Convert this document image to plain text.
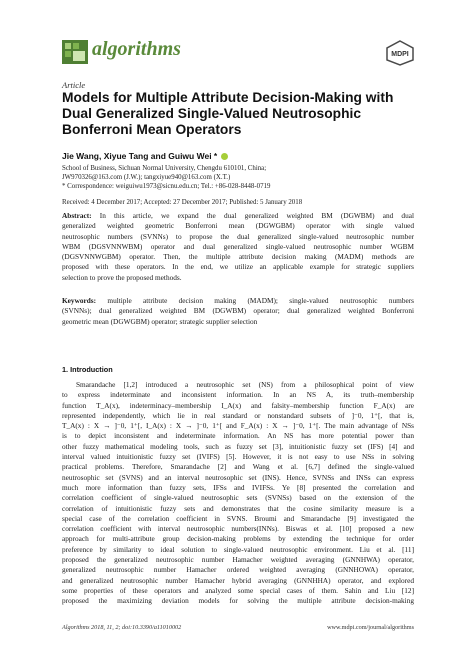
algorithms	MDPI
Article
Models for Multiple Attribute Decision-Making with Dual Generalized Single-Valued Neutrosophic Bonferroni Mean Operators
Jie Wang, Xiyue Tang and Guiwu Wei *
School of Business, Sichuan Normal University, Chengdu 610101, China;
JW970326@163.com (J.W.); tangxiyue940@163.com (X.T.)
* Correspondence: weiguiwu1973@sicnu.edu.cn; Tel.: +86-028-8448-0719
Received: 4 December 2017; Accepted: 27 December 2017; Published: 5 January 2018
Abstract: In this article, we expand the dual generalized weighted BM (DGWBM) and dual
generalized weighted geometric Bonferroni mean (DGWGBM) operator with single valued
neutrosophic numbers (SVNNs) to propose the dual generalized single-valued neutrosophic number
WBM (DGSVNNWBM) operator and dual generalized single-valued neutrosophic number WGBM
(DGSVNNWGBM) operator. Then, the multiple attribute decision making (MADM) methods are
proposed with these operators. In the end, we utilize an applicable example for strategic suppliers
selection to prove the proposed methods.
Keywords: multiple attribute decision making (MADM); single-valued neutrosophic numbers
(SVNNs); dual generalized weighted BM (DGWBM) operator; dual generalized weighted Bonferroni
geometric mean (DGWGBM) operator; strategic supplier selection
1. Introduction
Smarandache [1,2] introduced a neutrosophic set (NS) from a philosophical point of view
to express indeterminate and inconsistent information. In an NS A, its truth–membership
function T_A(x), indeterminacy–membership I_A(x) and falsity–membership function F_A(x) are
represented independently, which lie in real standard or nonstandard subsets of ]⁻0, 1⁺[, that is,
T_A(x) : X → ]⁻0, 1⁺[, I_A(x) : X → ]⁻0, 1⁺[ and F_A(x) : X → ]⁻0, 1⁺[. The main advantage of NSs
is to depict inconsistent and indeterminate information. An NS has more potential power than
other fuzzy mathematical modeling tools, such as fuzzy set [3], intuitionistic fuzzy set (IFS) [4] and
interval valued intuitionistic fuzzy set (IVIFS) [5]. However, it is not easy to use NSs in solving
practical problems. Therefore, Smarandache [2] and Wang et al. [6,7] defined the single-valued
neutrosophic set (SVNS) and an interval neutrosophic set (INS). Hence, SVNSs and INSs can express
much more information than fuzzy sets, IFSs and IVIFSs. Ye [8] presented the correlation and
correlation coefficient of single-valued neutrosophic sets (SVNSs) based on the extension of the
correlation of intuitionistic fuzzy sets and demonstrates that the cosine similarity measure is a
special case of the correlation coefficient in SVNS. Broumi and Smarandache [9] investigated the
correlation coefficient with interval neutrosophic numbers(INNs). Biswas et al. [10] proposed a new
approach for multi-attribute group decision-making problems by extending the technique for order
preference by similarity to ideal solution to single-valued neutrosophic environment. Liu et al. [11]
proposed the generalized neutrosophic number Hamacher weighted averaging (GNNHWA) operator,
generalized neutrosophic number Hamacher ordered weighted averaging (GNNHOWA) operator,
and generalized neutrosophic number Hamacher hybrid averaging (GNNHHA) operator, and explored
some properties of these operators and analyzed some special cases of them. Sahin and Liu [12]
proposed the maximizing deviation models for solving the multiple attribute decision-making
Algorithms 2018, 11, 2; doi:10.3390/a11010002	www.mdpi.com/journal/algorithms
